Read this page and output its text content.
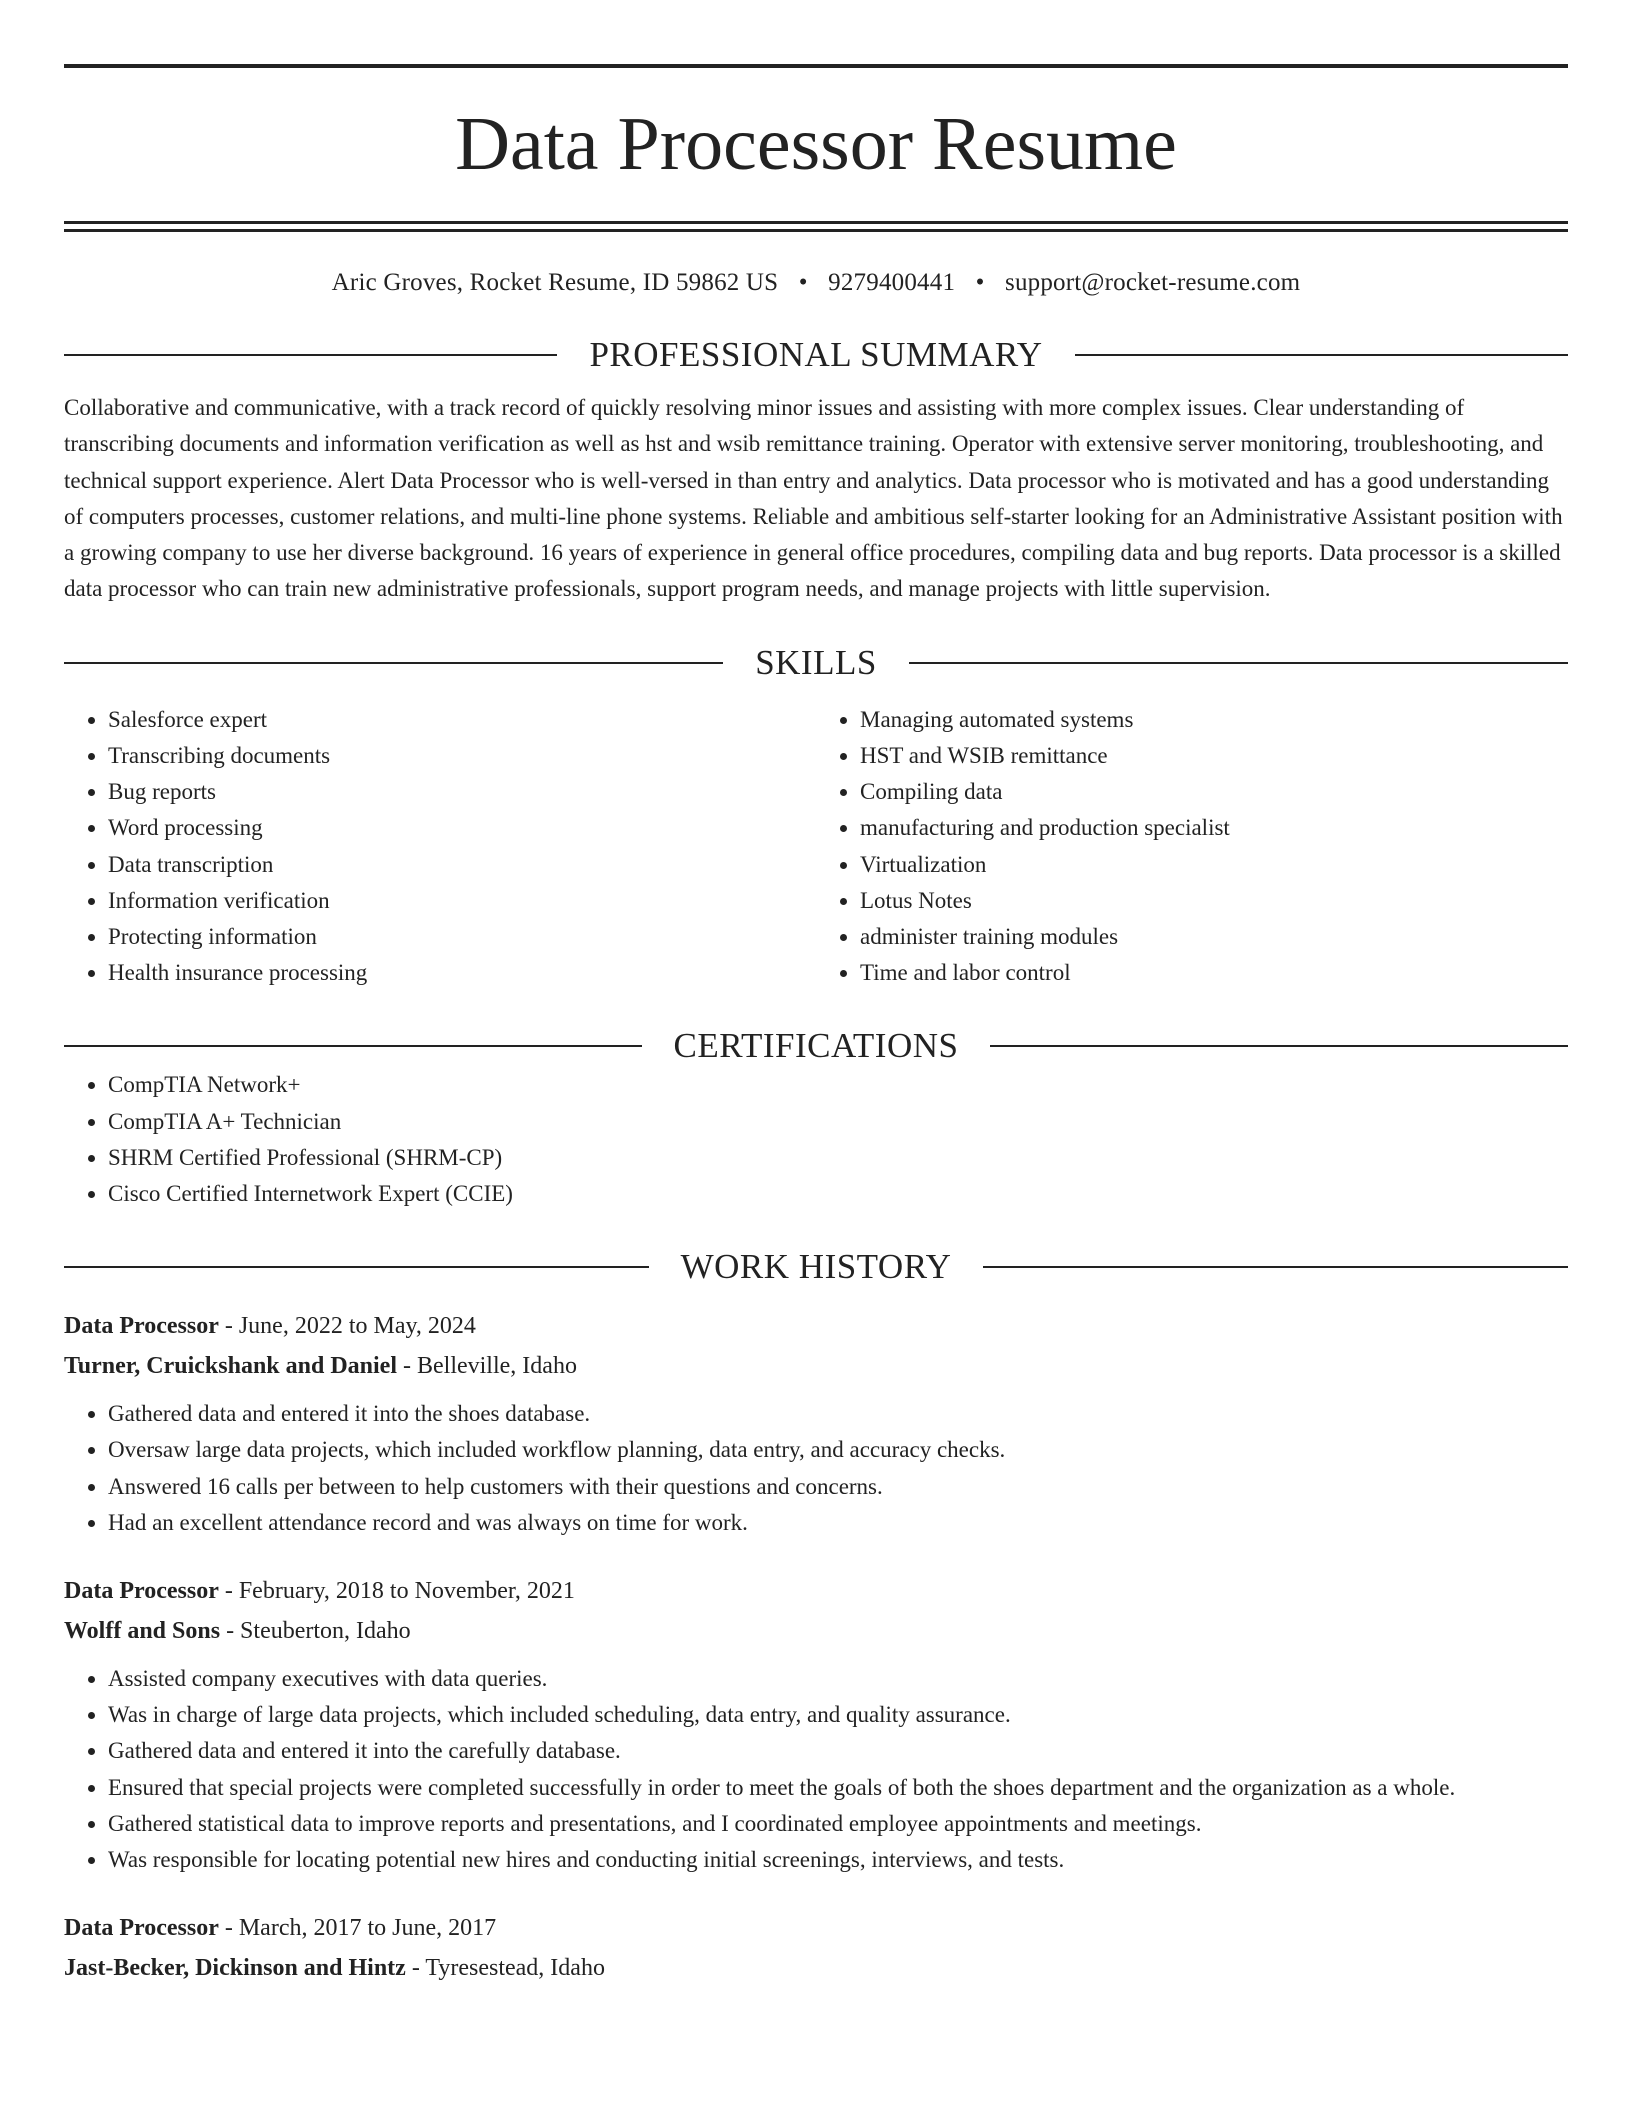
Data Processor Resume
Aric Groves, Rocket Resume, ID 59862 US • 9279400441 • support@rocket-resume.com
PROFESSIONAL SUMMARY
Collaborative and communicative, with a track record of quickly resolving minor issues and assisting with more complex issues. Clear understanding of transcribing documents and information verification as well as hst and wsib remittance training. Operator with extensive server monitoring, troubleshooting, and technical support experience. Alert Data Processor who is well-versed in than entry and analytics. Data processor who is motivated and has a good understanding of computers processes, customer relations, and multi-line phone systems. Reliable and ambitious self-starter looking for an Administrative Assistant position with a growing company to use her diverse background. 16 years of experience in general office procedures, compiling data and bug reports. Data processor is a skilled data processor who can train new administrative professionals, support program needs, and manage projects with little supervision.
SKILLS
• Salesforce expert
• Transcribing documents
• Bug reports
• Word processing
• Data transcription
• Information verification
• Protecting information
• Health insurance processing
• Managing automated systems
• HST and WSIB remittance
• Compiling data
• manufacturing and production specialist
• Virtualization
• Lotus Notes
• administer training modules
• Time and labor control
CERTIFICATIONS
• CompTIA Network+
• CompTIA A+ Technician
• SHRM Certified Professional (SHRM-CP)
• Cisco Certified Internetwork Expert (CCIE)
WORK HISTORY
Data Processor - June, 2022 to May, 2024
Turner, Cruickshank and Daniel - Belleville, Idaho
• Gathered data and entered it into the shoes database.
• Oversaw large data projects, which included workflow planning, data entry, and accuracy checks.
• Answered 16 calls per between to help customers with their questions and concerns.
• Had an excellent attendance record and was always on time for work.
Data Processor - February, 2018 to November, 2021
Wolff and Sons - Steuberton, Idaho
• Assisted company executives with data queries.
• Was in charge of large data projects, which included scheduling, data entry, and quality assurance.
• Gathered data and entered it into the carefully database.
• Ensured that special projects were completed successfully in order to meet the goals of both the shoes department and the organization as a whole.
• Gathered statistical data to improve reports and presentations, and I coordinated employee appointments and meetings.
• Was responsible for locating potential new hires and conducting initial screenings, interviews, and tests.
Data Processor - March, 2017 to June, 2017
Jast-Becker, Dickinson and Hintz - Tyresestead, Idaho
